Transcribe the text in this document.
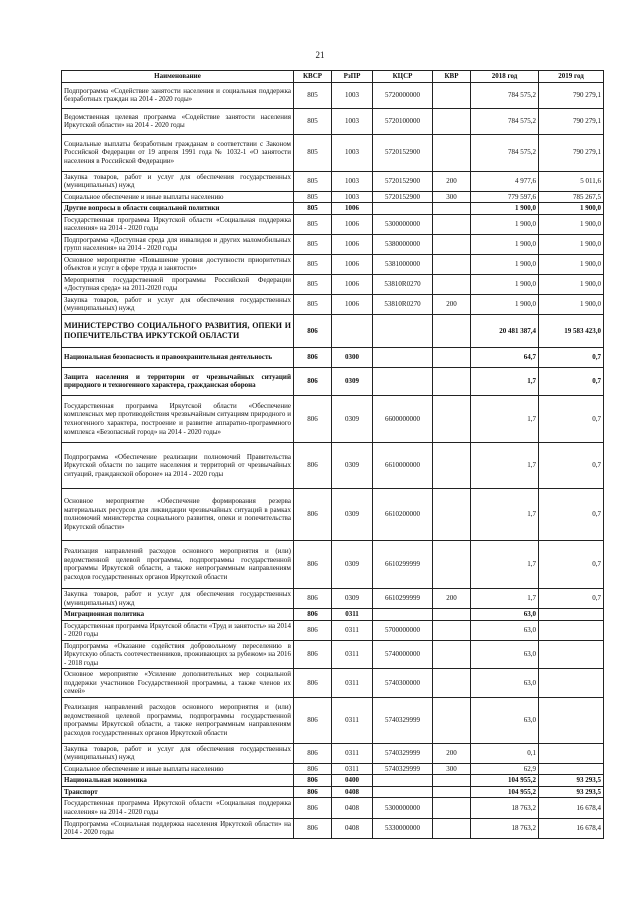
21
Наименование	КВСР	РзПР	КЦСР	КВР	2018 год	2019 год
Подпрограмма «Содействие занятости населения и социальная поддержка безработных граждан на 2014 - 2020 годы»	805	1003	5720000000		784 575,2	790 279,1
Ведомственная целевая программа «Содействие занятости населения Иркутской области» на 2014 - 2020 годы	805	1003	5720100000		784 575,2	790 279,1
Социальные выплаты безработным гражданам в соответствии с Законом Российской Федерации от 19 апреля 1991 года № 1032-1 «О занятости населения в Российской Федерации»	805	1003	5720152900		784 575,2	790 279,1
Закупка товаров, работ и услуг для обеспечения государственных (муниципальных) нужд	805	1003	5720152900	200	4 977,6	5 011,6
Социальное обеспечение и иные выплаты населению	805	1003	5720152900	300	779 597,6	785 267,5
Другие вопросы в области социальной политики	805	1006			1 900,0	1 900,0
Государственная программа Иркутской области «Социальная поддержка населения» на 2014 - 2020 годы	805	1006	5300000000		1 900,0	1 900,0
Подпрограмма «Доступная среда для инвалидов и других маломобильных групп населения» на 2014 - 2020 годы	805	1006	5380000000		1 900,0	1 900,0
Основное мероприятие «Повышение уровня доступности приоритетных объектов и услуг в сфере труда и занятости»	805	1006	5381000000		1 900,0	1 900,0
Мероприятия государственной программы Российской Федерации «Доступная среда» на 2011-2020 годы	805	1006	53810R0270		1 900,0	1 900,0
Закупка товаров, работ и услуг для обеспечения государственных (муниципальных) нужд	805	1006	53810R0270	200	1 900,0	1 900,0
МИНИСТЕРСТВО СОЦИАЛЬНОГО РАЗВИТИЯ, ОПЕКИ И ПОПЕЧИТЕЛЬСТВА ИРКУТСКОЙ ОБЛАСТИ	806				20 481 387,4	19 583 423,0
Национальная безопасность и правоохранительная деятельность	806	0300			64,7	0,7
Защита населения и территории от чрезвычайных ситуаций природного и техногенного характера, гражданская оборона	806	0309			1,7	0,7
Государственная программа Иркутской области «Обеспечение комплексных мер противодействия чрезвычайным ситуациям природного и техногенного характера, построение и развитие аппаратно-программного комплекса «Безопасный город» на 2014 - 2020 годы»	806	0309	6600000000		1,7	0,7
Подпрограмма «Обеспечение реализации полномочий Правительства Иркутской области по защите населения и территорий от чрезвычайных ситуаций, гражданской обороне» на 2014 - 2020 годы	806	0309	6610000000		1,7	0,7
Основное мероприятие «Обеспечение формирования резерва материальных ресурсов для ликвидации чрезвычайных ситуаций в рамках полномочий министерства социального развития, опеки и попечительства Иркутской области»	806	0309	6610200000		1,7	0,7
Реализация направлений расходов основного мероприятия и (или) ведомственной целевой программы, подпрограммы государственной программы Иркутской области, а также непрограммным направлениям расходов государственных органов Иркутской области	806	0309	6610299999		1,7	0,7
Закупка товаров, работ и услуг для обеспечения государственных (муниципальных) нужд	806	0309	6610299999	200	1,7	0,7
Миграционная политика	806	0311			63,0	
Государственная программа Иркутской области «Труд и занятость» на 2014 - 2020 годы	806	0311	5700000000		63,0	
Подпрограмма «Оказание содействия добровольному переселению в Иркутскую область соотечественников, проживающих за рубежом» на 2016 - 2018 годы	806	0311	5740000000		63,0	
Основное мероприятие «Усиление дополнительных мер социальной поддержки участников Государственной программы, а также членов их семей»	806	0311	5740300000		63,0	
Реализация направлений расходов основного мероприятия и (или) ведомственной целевой программы, подпрограммы государственной программы Иркутской области, а также непрограммным направлениям расходов государственных органов Иркутской области	806	0311	5740329999		63,0	
Закупка товаров, работ и услуг для обеспечения государственных (муниципальных) нужд	806	0311	5740329999	200	0,1	
Социальное обеспечение и иные выплаты населению	806	0311	5740329999	300	62,9	
Национальная экономика	806	0400			104 955,2	93 293,5
Транспорт	806	0408			104 955,2	93 293,5
Государственная программа Иркутской области «Социальная поддержка населения» на 2014 - 2020 годы	806	0408	5300000000		18 763,2	16 678,4
Подпрограмма «Социальная поддержка населения Иркутской области» на 2014 - 2020 годы	806	0408	5330000000		18 763,2	16 678,4
